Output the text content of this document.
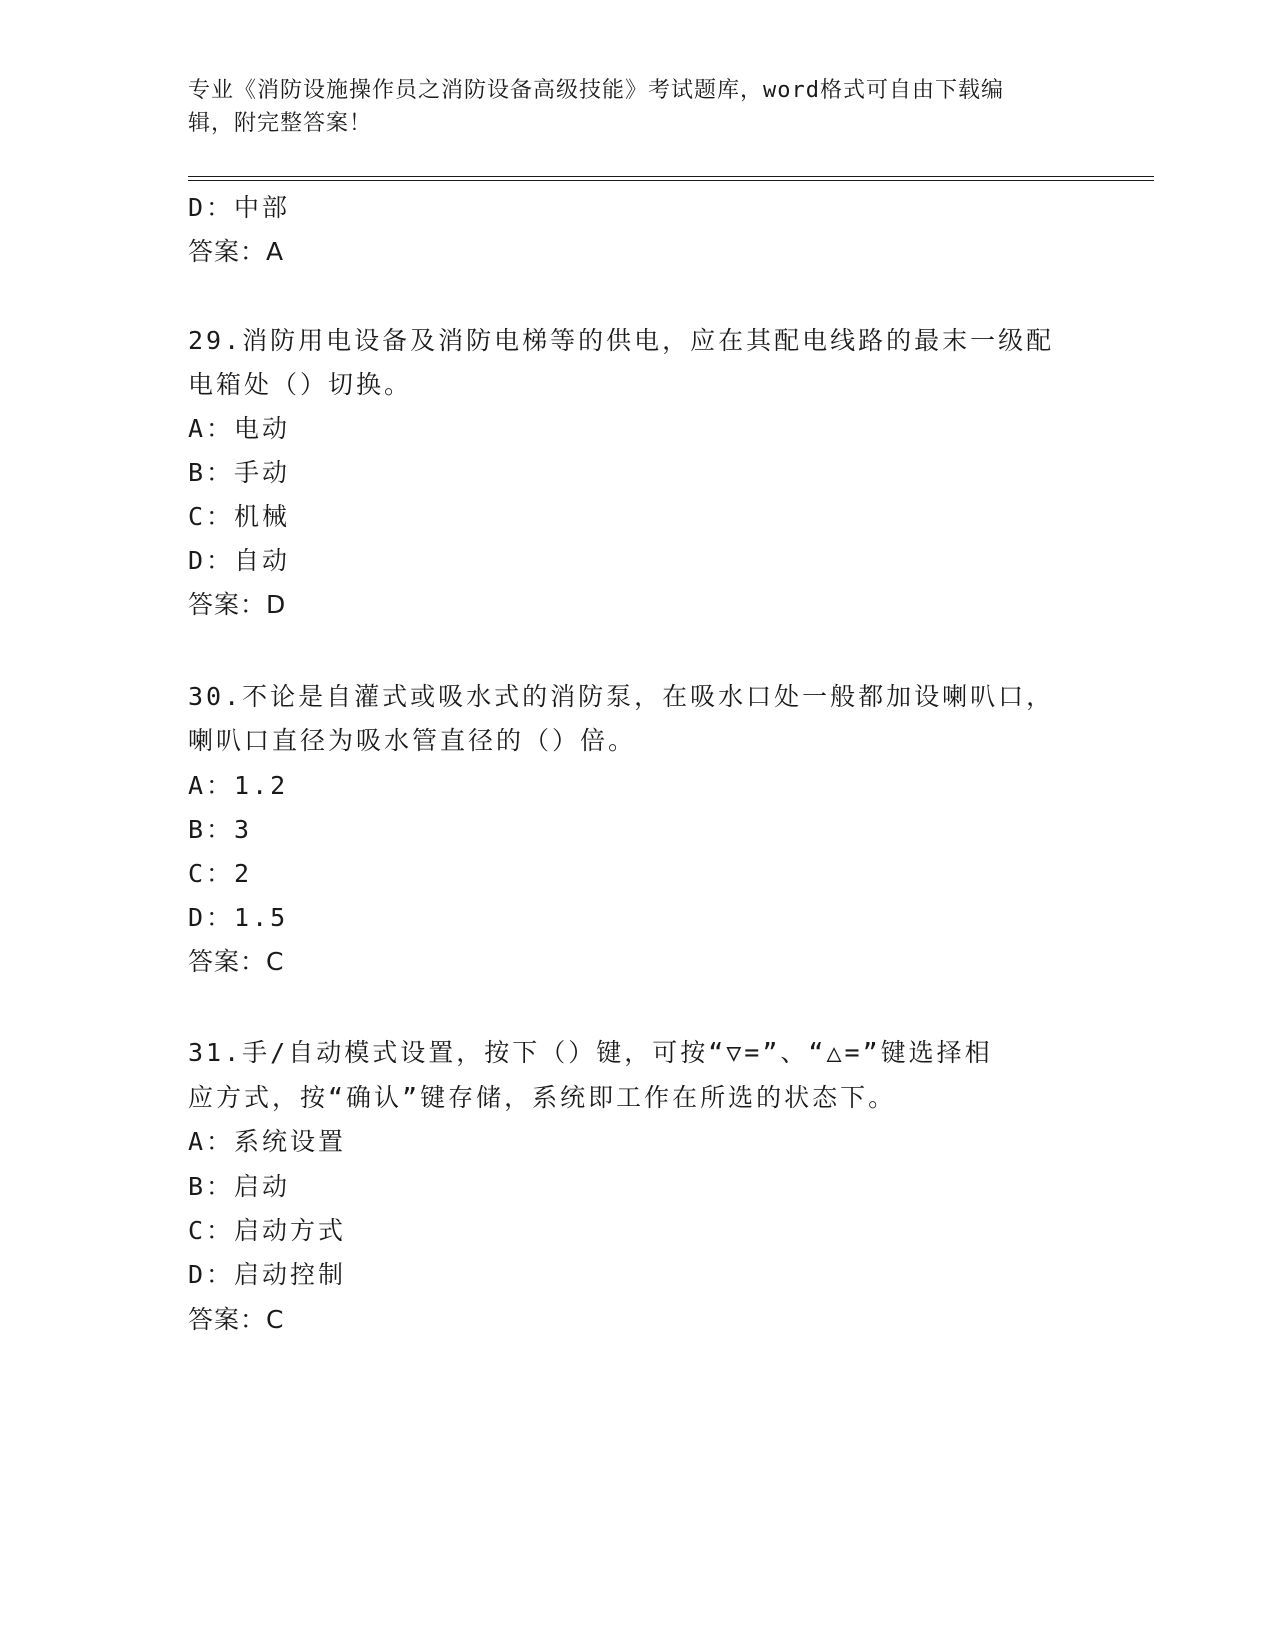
专业《消防设施操作员之消防设备高级技能》考试题库，word格式可自由下载编
辑，附完整答案！
D：中部
答案：A
29.消防用电设备及消防电梯等的供电，应在其配电线路的最末一级配
电箱处（）切换。
A：电动
B：手动
C：机械
D：自动
答案：D
30.不论是自灌式或吸水式的消防泵，在吸水口处一般都加设喇叭口，
喇叭口直径为吸水管直径的（）倍。
A：1.2
B：3
C：2
D：1.5
答案：C
31.手/自动模式设置，按下（）键，可按“▽=”、“△=”键选择相
应方式，按“确认”键存储，系统即工作在所选的状态下。
A：系统设置
B：启动
C：启动方式
D：启动控制
答案：C
